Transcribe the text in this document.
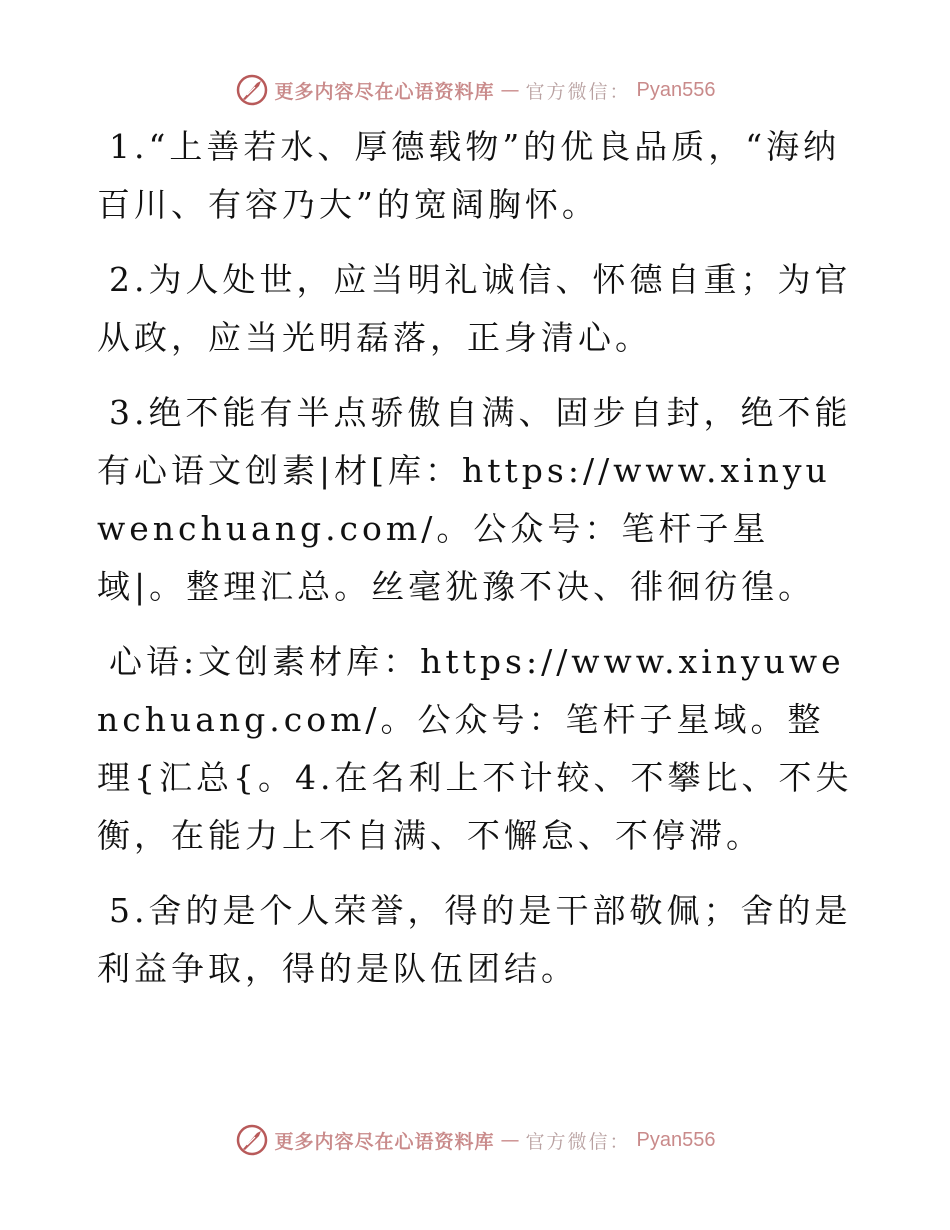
更多内容尽在心语资料库 — 官方微信： Pyan556

1.“上善若水、厚德载物”的优良品质，“海纳百川、有容乃大”的宽阔胸怀。

2.为人处世，应当明礼诚信、怀德自重；为官从政，应当光明磊落，正身清心。

3.绝不能有半点骄傲自满、固步自封，绝不能有心语文创素|材[库：https://www.xinyuwenchuang.com/。公众号：笔杆子星域|。整理汇总。丝毫犹豫不决、徘徊彷徨。

心语:文创素材库：https://www.xinyuwenchuang.com/。公众号：笔杆子星域。整理{汇总{。4.在名利上不计较、不攀比、不失衡，在能力上不自满、不懈怠、不停滞。

5.舍的是个人荣誉，得的是干部敬佩；舍的是利益争取，得的是队伍团结。

更多内容尽在心语资料库 — 官方微信： Pyan556
